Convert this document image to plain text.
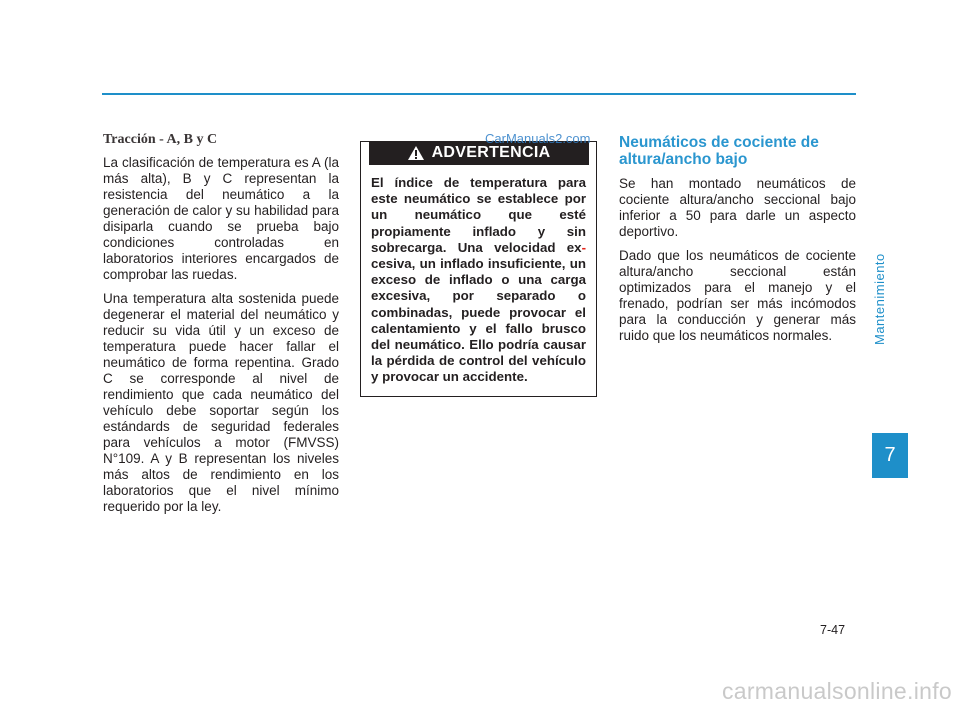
Tracción - A, B y C

La clasificación de temperatura es A (la más alta), B y C representan la resistencia del neumático a la generación de calor y su habilidad para disiparla cuando se prueba bajo condiciones controladas en laboratorios interiores encargados de comprobar las ruedas.

Una temperatura alta sostenida puede degenerar el material del neumático y reducir su vida útil y un exceso de temperatura puede hacer fallar el neumático de forma repentina. Grado C se corresponde al nivel de rendimiento que cada neumático del vehículo debe soportar según los estándards de seguridad federales para vehículos a motor (FMVSS) N°109. A y B representan los niveles más altos de rendimiento en los laboratorios que el nivel mínimo requerido por la ley.

ADVERTENCIA
El índice de temperatura para este neumático se establece por un neumático que esté propiamente inflado y sin sobrecarga. Una velocidad ex-cesiva, un inflado insuficiente, un exceso de inflado o una carga excesiva, por separado o combinadas, puede provocar el calentamiento y el fallo brusco del neumático. Ello podría causar la pérdida de control del vehículo y provocar un accidente.
CarManuals2.com Neumáticos de cociente de altura/ancho bajo

Se han montado neumáticos de cociente altura/ancho seccional bajo inferior a 50 para darle un aspecto deportivo.

Dado que los neumáticos de cociente altura/ancho seccional están optimizados para el manejo y el frenado, podrían ser más incómodos para la conducción y generar más ruido que los neumáticos normales.	Mantenimiento
7
7-47
carmanualsonline.info
